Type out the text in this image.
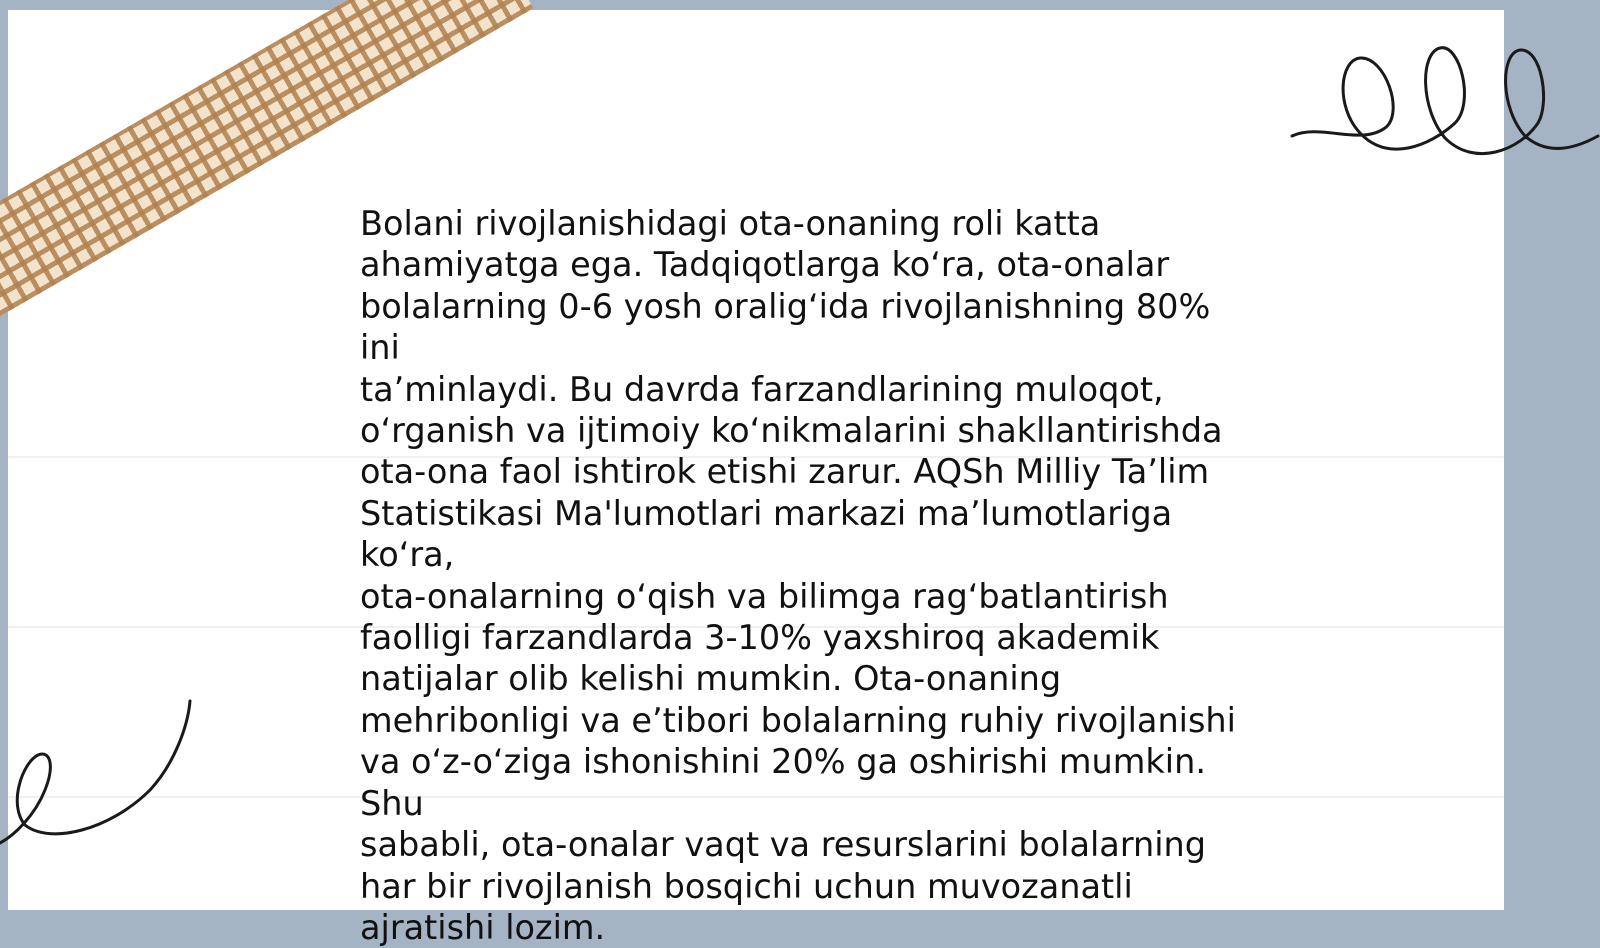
Bolani rivojlanishidagi ota-onaning roli katta
ahamiyatga ega. Tadqiqotlarga koʻra, ota-onalar
bolalarning 0-6 yosh oraligʻida rivojlanishning 80% ini
taʼminlaydi. Bu davrda farzandlarining muloqot,
oʻrganish va ijtimoiy koʻnikmalarini shakllantirishda
ota-ona faol ishtirok etishi zarur. AQSh Milliy Taʼlim
Statistikasi Ma'lumotlari markazi maʼlumotlariga koʻra,
ota-onalarning oʻqish va bilimga ragʻbatlantirish
faolligi farzandlarda 3-10% yaxshiroq akademik
natijalar olib kelishi mumkin. Ota-onaning
mehribonligi va eʼtibori bolalarning ruhiy rivojlanishi
va oʻz-oʻziga ishonishini 20% ga oshirishi mumkin. Shu
sababli, ota-onalar vaqt va resurslarini bolalarning
har bir rivojlanish bosqichi uchun muvozanatli
ajratishi lozim.
